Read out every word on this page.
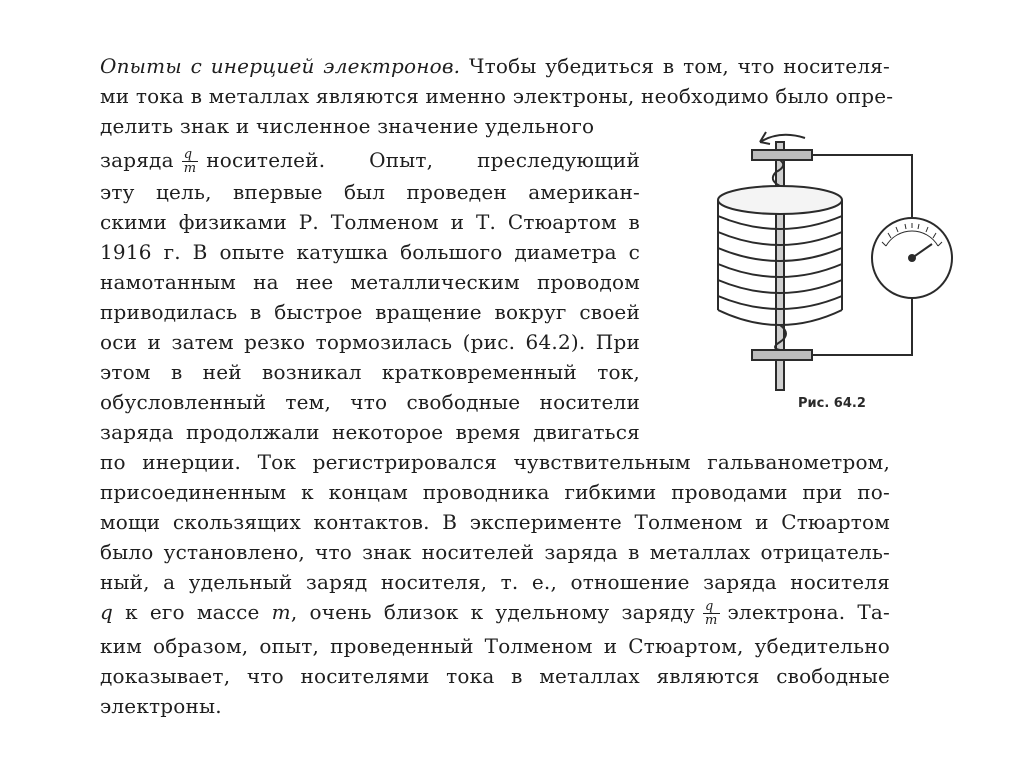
Опыты с инерцией электронов. Чтобы убедиться в том, что носителя-
ми тока в металлах являются именно электроны, необходимо было опре-
делить знак и численное значение удельного
заряда $\frac{q}{m}$ носителей. Опыт, преследующий
эту цель, впервые был проведен американ-
скими физиками Р. Толменом и Т. Стюартом в
1916 г. В опыте катушка большого диаметра с
намотанным на нее металлическим проводом
приводилась в быстрое вращение вокруг своей
оси и затем резко тормозилась (рис. 64.2). При
этом в ней возникал кратковременный ток,
обусловленный тем, что свободные носители
заряда продолжали некоторое время двигаться
по инерции. Ток регистрировался чувствительным гальванометром,
присоединенным к концам проводника гибкими проводами при по-
мощи скользящих контактов. В эксперименте Толменом и Стюартом
было установлено, что знак носителей заряда в металлах отрицатель-
ный, а удельный заряд носителя, т. е., отношение заряда носителя
q к его массе m, очень близок к удельному заряду $\frac{q}{m}$ электрона. Та-
ким образом, опыт, проведенный Толменом и Стюартом, убедительно
доказывает, что носителями тока в металлах являются свободные
электроны.
Рис. 64.2
